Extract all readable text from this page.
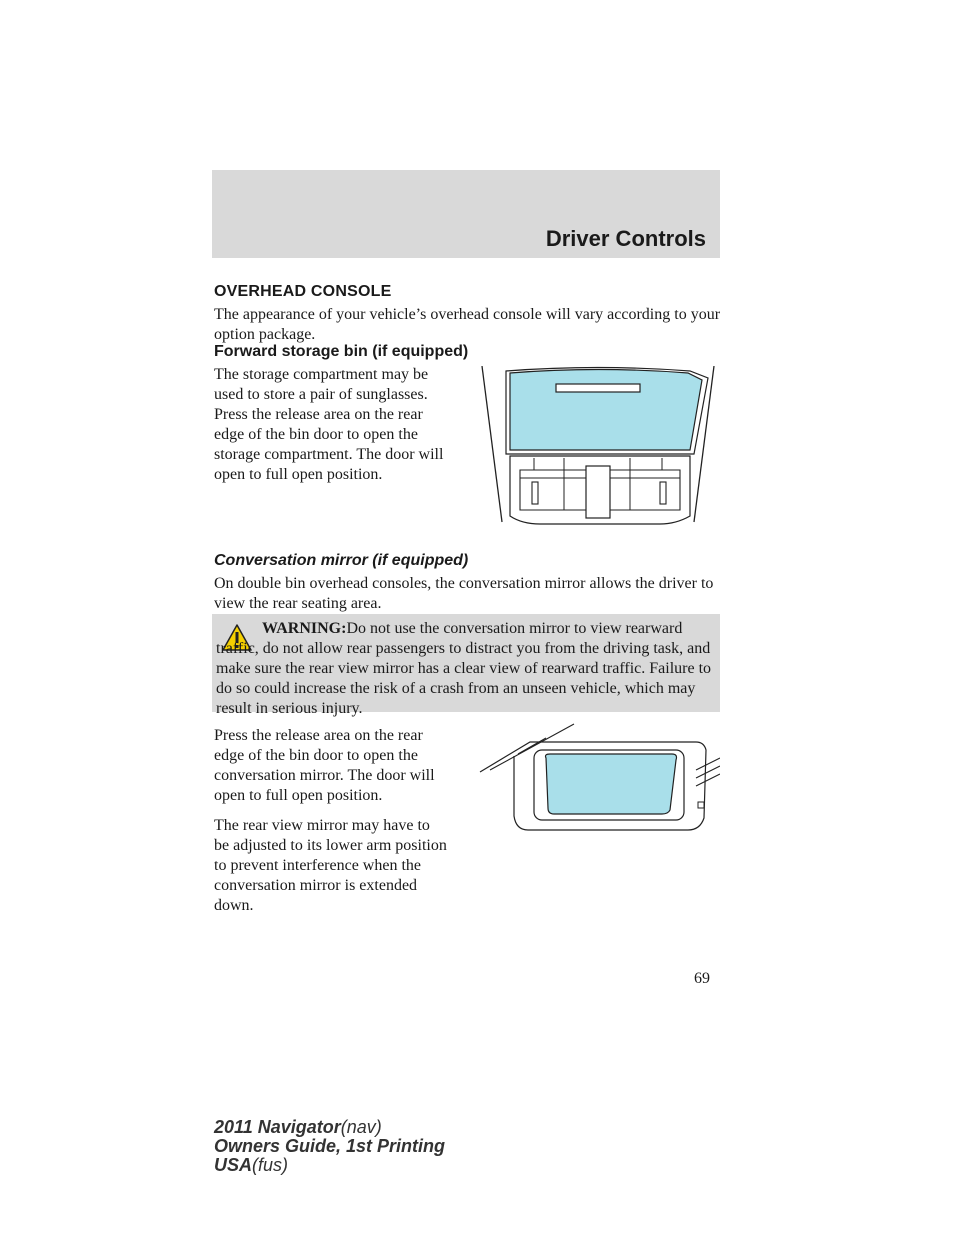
Driver Controls
OVERHEAD CONSOLE

The appearance of your vehicle’s overhead console will vary according to your option package.

Forward storage bin (if equipped)

The storage compartment may be

used to store a pair of sunglasses.

Press the release area on the rear

edge of the bin door to open the

storage compartment. The door will

open to full open position.

Conversation mirror (if equipped)

On double bin overhead consoles, the conversation mirror allows the driver to view the rear seating area.

WARNING:Do not use the conversation mirror to view rearward traffic, do not allow rear passengers to distract you from the driving task, and make sure the rear view mirror has a clear view of rearward traffic. Failure to do so could increase the risk of a crash from an unseen vehicle, which may result in serious injury.

Press the release area on the rear

edge of the bin door to open the

conversation mirror. The door will

open to full open position.

The rear view mirror may have to

be adjusted to its lower arm position

to prevent interference when the

conversation mirror is extended

down.

69
2011 Navigator(nav)
Owners Guide, 1st Printing
USA(fus)
